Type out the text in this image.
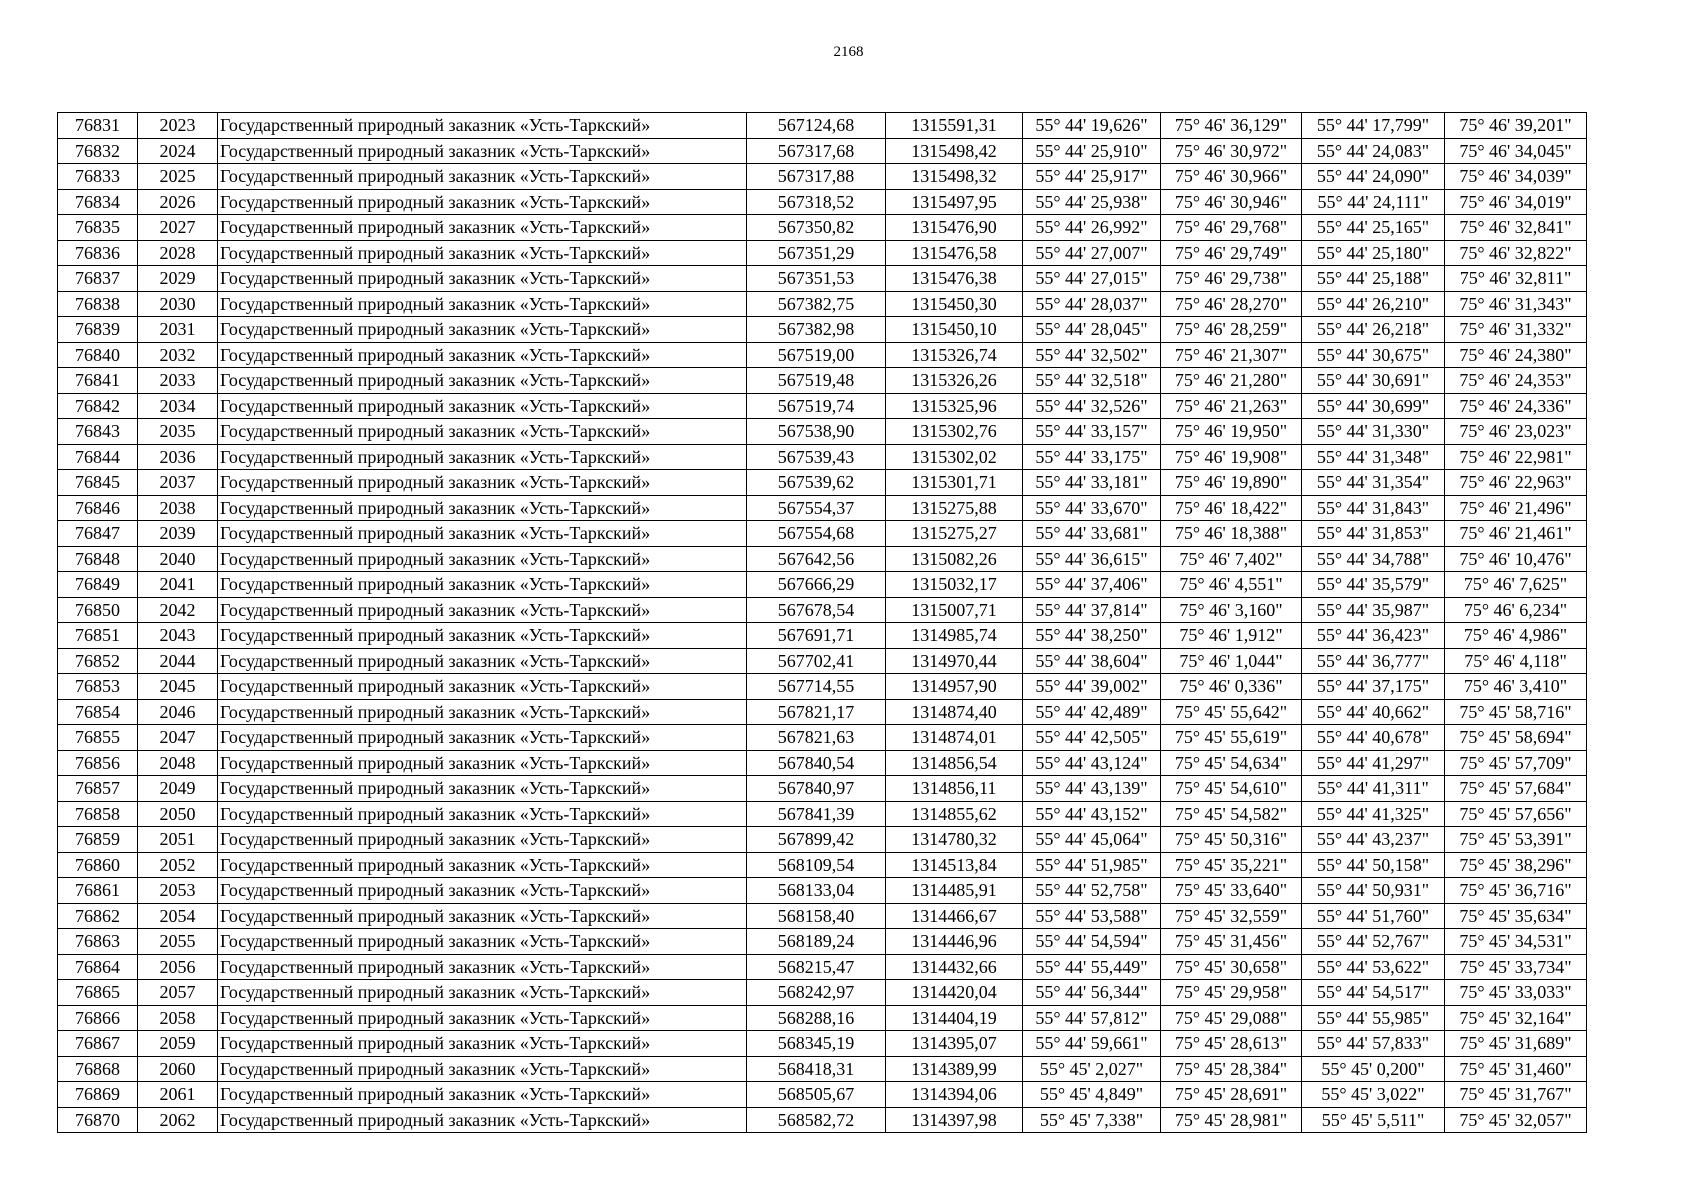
2168
76831	2023	Государственный природный заказник «Усть-Таркский»	567124,68	1315591,31	55° 44' 19,626"	75° 46' 36,129"	55° 44' 17,799"	75° 46' 39,201"
76832	2024	Государственный природный заказник «Усть-Таркский»	567317,68	1315498,42	55° 44' 25,910"	75° 46' 30,972"	55° 44' 24,083"	75° 46' 34,045"
76833	2025	Государственный природный заказник «Усть-Таркский»	567317,88	1315498,32	55° 44' 25,917"	75° 46' 30,966"	55° 44' 24,090"	75° 46' 34,039"
76834	2026	Государственный природный заказник «Усть-Таркский»	567318,52	1315497,95	55° 44' 25,938"	75° 46' 30,946"	55° 44' 24,111"	75° 46' 34,019"
76835	2027	Государственный природный заказник «Усть-Таркский»	567350,82	1315476,90	55° 44' 26,992"	75° 46' 29,768"	55° 44' 25,165"	75° 46' 32,841"
76836	2028	Государственный природный заказник «Усть-Таркский»	567351,29	1315476,58	55° 44' 27,007"	75° 46' 29,749"	55° 44' 25,180"	75° 46' 32,822"
76837	2029	Государственный природный заказник «Усть-Таркский»	567351,53	1315476,38	55° 44' 27,015"	75° 46' 29,738"	55° 44' 25,188"	75° 46' 32,811"
76838	2030	Государственный природный заказник «Усть-Таркский»	567382,75	1315450,30	55° 44' 28,037"	75° 46' 28,270"	55° 44' 26,210"	75° 46' 31,343"
76839	2031	Государственный природный заказник «Усть-Таркский»	567382,98	1315450,10	55° 44' 28,045"	75° 46' 28,259"	55° 44' 26,218"	75° 46' 31,332"
76840	2032	Государственный природный заказник «Усть-Таркский»	567519,00	1315326,74	55° 44' 32,502"	75° 46' 21,307"	55° 44' 30,675"	75° 46' 24,380"
76841	2033	Государственный природный заказник «Усть-Таркский»	567519,48	1315326,26	55° 44' 32,518"	75° 46' 21,280"	55° 44' 30,691"	75° 46' 24,353"
76842	2034	Государственный природный заказник «Усть-Таркский»	567519,74	1315325,96	55° 44' 32,526"	75° 46' 21,263"	55° 44' 30,699"	75° 46' 24,336"
76843	2035	Государственный природный заказник «Усть-Таркский»	567538,90	1315302,76	55° 44' 33,157"	75° 46' 19,950"	55° 44' 31,330"	75° 46' 23,023"
76844	2036	Государственный природный заказник «Усть-Таркский»	567539,43	1315302,02	55° 44' 33,175"	75° 46' 19,908"	55° 44' 31,348"	75° 46' 22,981"
76845	2037	Государственный природный заказник «Усть-Таркский»	567539,62	1315301,71	55° 44' 33,181"	75° 46' 19,890"	55° 44' 31,354"	75° 46' 22,963"
76846	2038	Государственный природный заказник «Усть-Таркский»	567554,37	1315275,88	55° 44' 33,670"	75° 46' 18,422"	55° 44' 31,843"	75° 46' 21,496"
76847	2039	Государственный природный заказник «Усть-Таркский»	567554,68	1315275,27	55° 44' 33,681"	75° 46' 18,388"	55° 44' 31,853"	75° 46' 21,461"
76848	2040	Государственный природный заказник «Усть-Таркский»	567642,56	1315082,26	55° 44' 36,615"	75° 46' 7,402"	55° 44' 34,788"	75° 46' 10,476"
76849	2041	Государственный природный заказник «Усть-Таркский»	567666,29	1315032,17	55° 44' 37,406"	75° 46' 4,551"	55° 44' 35,579"	75° 46' 7,625"
76850	2042	Государственный природный заказник «Усть-Таркский»	567678,54	1315007,71	55° 44' 37,814"	75° 46' 3,160"	55° 44' 35,987"	75° 46' 6,234"
76851	2043	Государственный природный заказник «Усть-Таркский»	567691,71	1314985,74	55° 44' 38,250"	75° 46' 1,912"	55° 44' 36,423"	75° 46' 4,986"
76852	2044	Государственный природный заказник «Усть-Таркский»	567702,41	1314970,44	55° 44' 38,604"	75° 46' 1,044"	55° 44' 36,777"	75° 46' 4,118"
76853	2045	Государственный природный заказник «Усть-Таркский»	567714,55	1314957,90	55° 44' 39,002"	75° 46' 0,336"	55° 44' 37,175"	75° 46' 3,410"
76854	2046	Государственный природный заказник «Усть-Таркский»	567821,17	1314874,40	55° 44' 42,489"	75° 45' 55,642"	55° 44' 40,662"	75° 45' 58,716"
76855	2047	Государственный природный заказник «Усть-Таркский»	567821,63	1314874,01	55° 44' 42,505"	75° 45' 55,619"	55° 44' 40,678"	75° 45' 58,694"
76856	2048	Государственный природный заказник «Усть-Таркский»	567840,54	1314856,54	55° 44' 43,124"	75° 45' 54,634"	55° 44' 41,297"	75° 45' 57,709"
76857	2049	Государственный природный заказник «Усть-Таркский»	567840,97	1314856,11	55° 44' 43,139"	75° 45' 54,610"	55° 44' 41,311"	75° 45' 57,684"
76858	2050	Государственный природный заказник «Усть-Таркский»	567841,39	1314855,62	55° 44' 43,152"	75° 45' 54,582"	55° 44' 41,325"	75° 45' 57,656"
76859	2051	Государственный природный заказник «Усть-Таркский»	567899,42	1314780,32	55° 44' 45,064"	75° 45' 50,316"	55° 44' 43,237"	75° 45' 53,391"
76860	2052	Государственный природный заказник «Усть-Таркский»	568109,54	1314513,84	55° 44' 51,985"	75° 45' 35,221"	55° 44' 50,158"	75° 45' 38,296"
76861	2053	Государственный природный заказник «Усть-Таркский»	568133,04	1314485,91	55° 44' 52,758"	75° 45' 33,640"	55° 44' 50,931"	75° 45' 36,716"
76862	2054	Государственный природный заказник «Усть-Таркский»	568158,40	1314466,67	55° 44' 53,588"	75° 45' 32,559"	55° 44' 51,760"	75° 45' 35,634"
76863	2055	Государственный природный заказник «Усть-Таркский»	568189,24	1314446,96	55° 44' 54,594"	75° 45' 31,456"	55° 44' 52,767"	75° 45' 34,531"
76864	2056	Государственный природный заказник «Усть-Таркский»	568215,47	1314432,66	55° 44' 55,449"	75° 45' 30,658"	55° 44' 53,622"	75° 45' 33,734"
76865	2057	Государственный природный заказник «Усть-Таркский»	568242,97	1314420,04	55° 44' 56,344"	75° 45' 29,958"	55° 44' 54,517"	75° 45' 33,033"
76866	2058	Государственный природный заказник «Усть-Таркский»	568288,16	1314404,19	55° 44' 57,812"	75° 45' 29,088"	55° 44' 55,985"	75° 45' 32,164"
76867	2059	Государственный природный заказник «Усть-Таркский»	568345,19	1314395,07	55° 44' 59,661"	75° 45' 28,613"	55° 44' 57,833"	75° 45' 31,689"
76868	2060	Государственный природный заказник «Усть-Таркский»	568418,31	1314389,99	55° 45' 2,027"	75° 45' 28,384"	55° 45' 0,200"	75° 45' 31,460"
76869	2061	Государственный природный заказник «Усть-Таркский»	568505,67	1314394,06	55° 45' 4,849"	75° 45' 28,691"	55° 45' 3,022"	75° 45' 31,767"
76870	2062	Государственный природный заказник «Усть-Таркский»	568582,72	1314397,98	55° 45' 7,338"	75° 45' 28,981"	55° 45' 5,511"	75° 45' 32,057"
